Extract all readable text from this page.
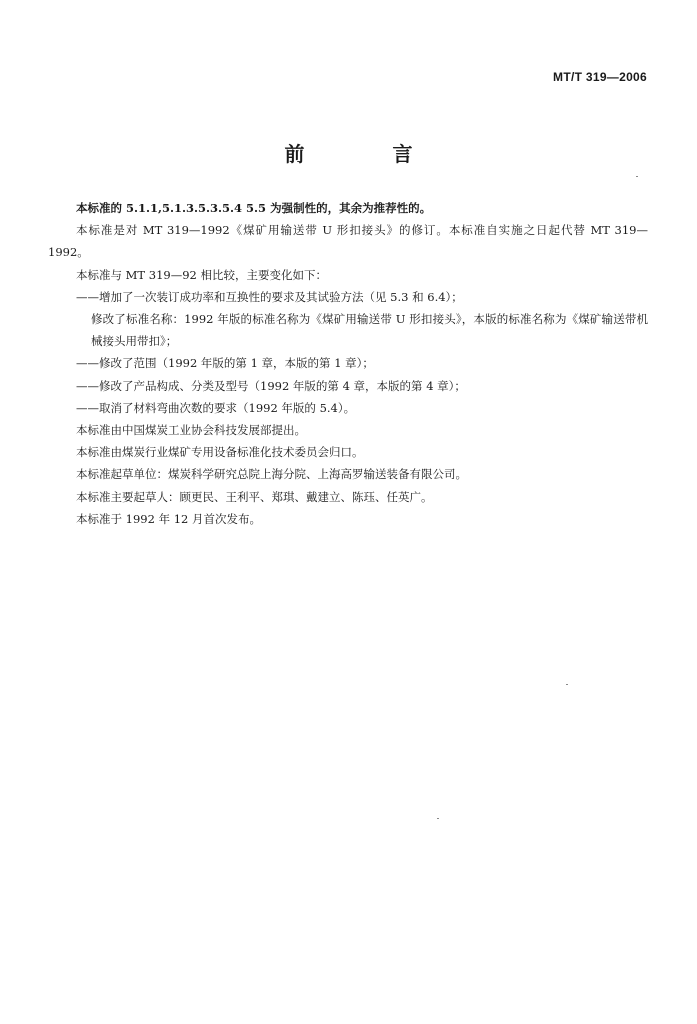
MT/T 319—2006
前　言

本标准的 5.1.1,5.1.3.5.3.5.4 5.5 为强制性的，其余为推荐性的。

本标准是对 MT 319—1992《煤矿用输送带 U 形扣接头》的修订。本标准自实施之日起代替 MT 319—1992。

本标准与 MT 319—92 相比较，主要变化如下：

——增加了一次装订成功率和互换性的要求及其试验方法（见 5.3 和 6.4）；

修改了标准名称：1992 年版的标准名称为《煤矿用输送带 U 形扣接头》，本版的标准名称为《煤矿输送带机械接头用带扣》；

——修改了范围（1992 年版的第 1 章，本版的第 1 章）；

——修改了产品构成、分类及型号（1992 年版的第 4 章，本版的第 4 章）；

——取消了材料弯曲次数的要求（1992 年版的 5.4）。

本标准由中国煤炭工业协会科技发展部提出。

本标准由煤炭行业煤矿专用设备标准化技术委员会归口。

本标准起草单位：煤炭科学研究总院上海分院、上海高罗输送装备有限公司。

本标准主要起草人：顾更民、王利平、郑琪、戴建立、陈珏、任英广。

本标准于 1992 年 12 月首次发布。
